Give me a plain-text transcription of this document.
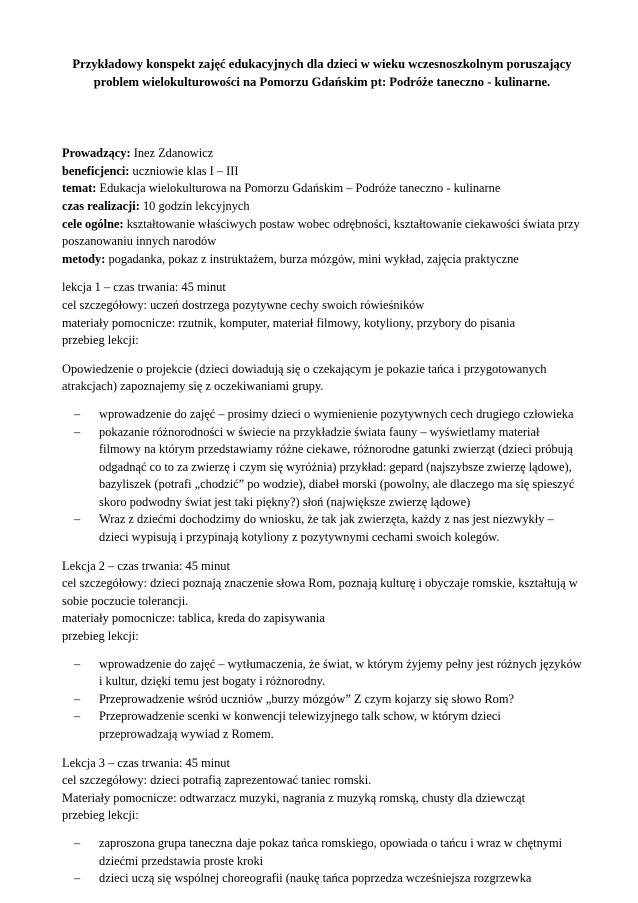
Przykładowy konspekt zajęć edukacyjnych dla dzieci w wieku wczesnoszkolnym poruszający problem wielokulturowości na Pomorzu Gdańskim pt: Podróże taneczno - kulinarne.

Prowadzący: Inez Zdanowicz

beneficjenci: uczniowie klas I – III

temat: Edukacja wielokulturowa na Pomorzu Gdańskim – Podróże taneczno - kulinarne

czas realizacji: 10 godzin lekcyjnych

cele ogólne: kształtowanie właściwych postaw wobec odrębności, kształtowanie ciekawości świata przy poszanowaniu innych narodów

metody: pogadanka, pokaz z instruktażem, burza mózgów, mini wykład, zajęcia praktyczne

lekcja 1 – czas trwania: 45 minut

cel szczegółowy: uczeń dostrzega pozytywne cechy swoich rówieśników

materiały pomocnicze: rzutnik, komputer, materiał filmowy, kotyliony, przybory do pisania

przebieg lekcji:

Opowiedzenie o projekcie (dzieci dowiadują się o czekającym je pokazie tańca i przygotowanych atrakcjach) zapoznajemy się z oczekiwaniami grupy.

– wprowadzenie do zajęć – prosimy dzieci o wymienienie pozytywnych cech drugiego człowieka
– pokazanie różnorodności w świecie na przykładzie świata fauny – wyświetlamy materiał filmowy na którym przedstawiamy różne ciekawe, różnorodne gatunki zwierząt (dzieci próbują odgadnąć co to za zwierzę i czym się wyróżnia) przykład: gepard (najszybsze zwierzę lądowe), bazyliszek (potrafi „chodzić” po wodzie), diabeł morski (powolny, ale dlaczego ma się spieszyć skoro podwodny świat jest taki piękny?) słoń (największe zwierzę lądowe)
– Wraz z dziećmi dochodzimy do wniosku, że tak jak zwierzęta, każdy z nas jest niezwykły – dzieci wypisują i przypinają kotyliony z pozytywnymi cechami swoich kolegów.

Lekcja 2 – czas trwania: 45 minut

cel szczegółowy: dzieci poznają znaczenie słowa Rom, poznają kulturę i obyczaje romskie, kształtują w sobie poczucie tolerancji.

materiały pomocnicze: tablica, kreda do zapisywania

przebieg lekcji:

– wprowadzenie do zajęć – wytłumaczenia, że świat, w którym żyjemy pełny jest różnych języków i kultur, dzięki temu jest bogaty i różnorodny.
– Przeprowadzenie wśród uczniów „burzy mózgów” Z czym kojarzy się słowo Rom?
– Przeprowadzenie scenki w konwencji telewizyjnego talk schow, w którym dzieci przeprowadzają wywiad z Romem.

Lekcja 3 – czas trwania: 45 minut

cel szczegółowy: dzieci potrafią zaprezentować taniec romski.

Materiały pomocnicze: odtwarzacz muzyki, nagrania z muzyką romską, chusty dla dziewcząt

przebieg lekcji:

– zaproszona grupa taneczna daje pokaz tańca romskiego, opowiada o tańcu i wraz w chętnymi dziećmi przedstawia proste kroki
– dzieci uczą się wspólnej choreografii (naukę tańca poprzedza wcześniejsza rozgrzewka
